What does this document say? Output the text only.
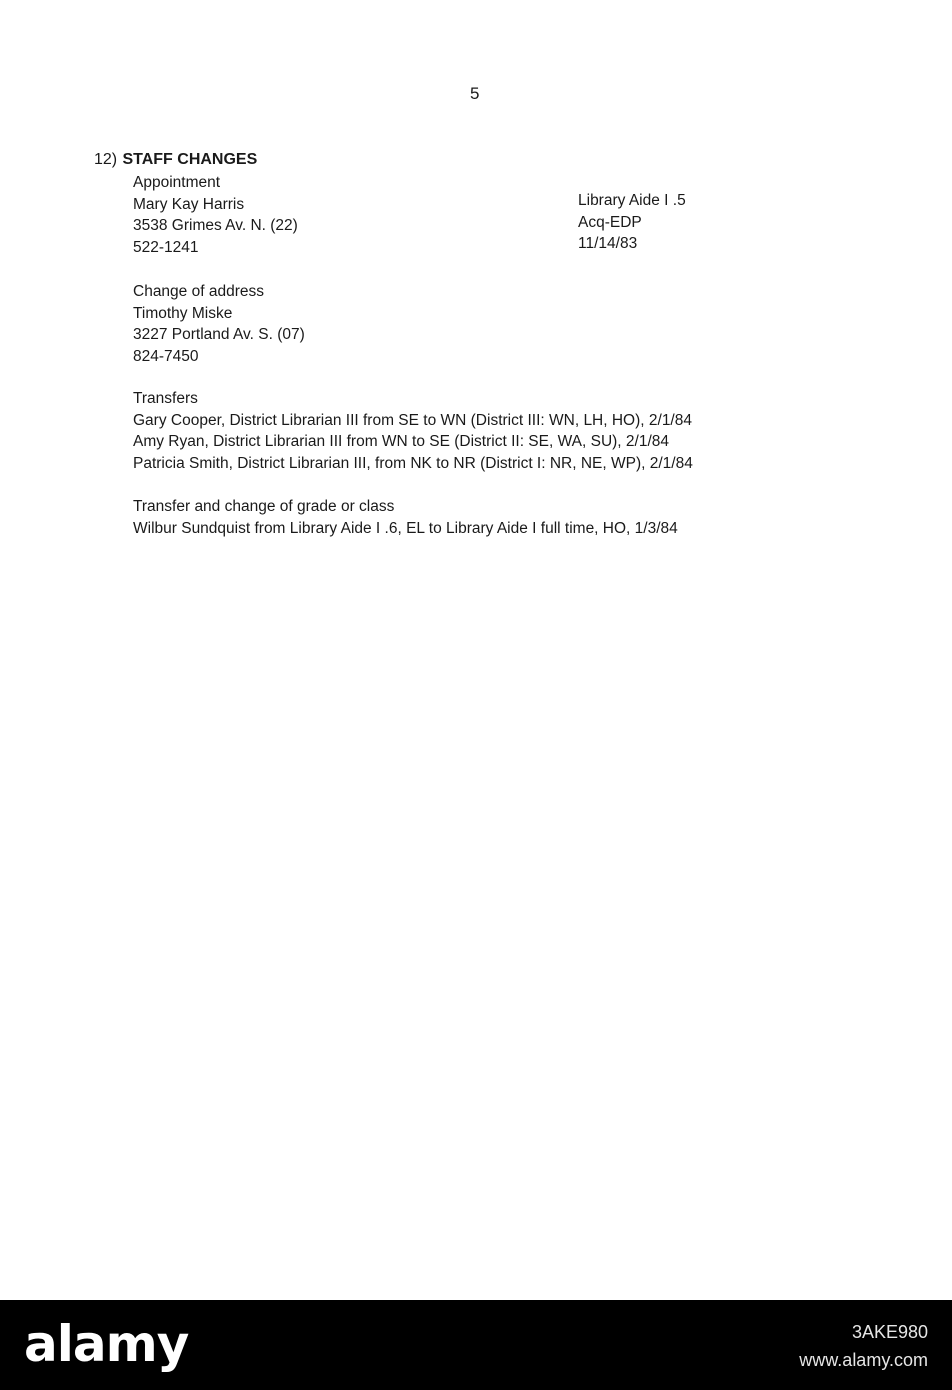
5
12) STAFF CHANGES
Appointment
Mary Kay Harris
3538 Grimes Av. N. (22)
522-1241
Library Aide I .5
Acq-EDP
11/14/83
Change of address
Timothy Miske
3227 Portland Av. S. (07)
824-7450
Transfers
Gary Cooper, District Librarian III from SE to WN (District III: WN, LH, HO), 2/1/84
Amy Ryan, District Librarian III from WN to SE (District II: SE, WA, SU), 2/1/84
Patricia Smith, District Librarian III, from NK to NR (District I: NR, NE, WP), 2/1/84
Transfer and change of grade or class
Wilbur Sundquist from Library Aide I .6, EL to Library Aide I full time, HO, 1/3/84
alamy	3AKE980
www.alamy.com
